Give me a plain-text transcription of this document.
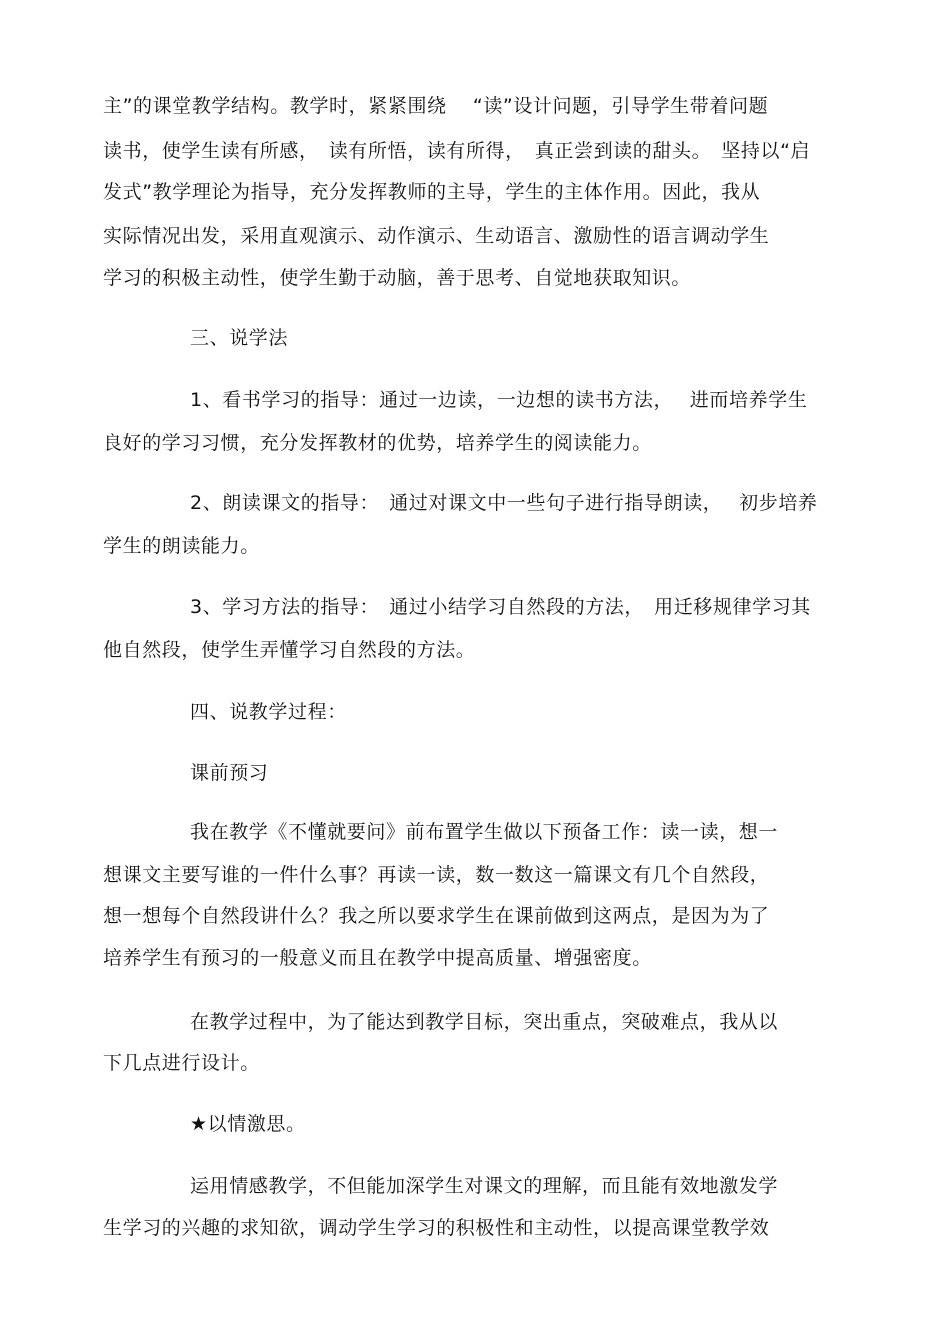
主”的课堂教学结构。教学时，紧紧围绕　 “读”设计问题，引导学生带着问题
读书，使学生读有所感，　读有所悟，读有所得，　真正尝到读的甜头。　坚持以“启
发式”教学理论为指导，充分发挥教师的主导，学生的主体作用。因此，我从
实际情况出发，采用直观演示、动作演示、生动语言、激励性的语言调动学生
学习的积极主动性，使学生勤于动脑，善于思考、自觉地获取知识。
三、说学法
1、看书学习的指导：通过一边读，一边想的读书方法，　 进而培养学生
良好的学习习惯，充分发挥教材的优势，培养学生的阅读能力。
2、朗读课文的指导：　通过对课文中一些句子进行指导朗读，　 初步培养
学生的朗读能力。
3、学习方法的指导：　通过小结学习自然段的方法，　用迁移规律学习其
他自然段，使学生弄懂学习自然段的方法。
四、说教学过程：
课前预习
我在教学《不懂就要问》前布置学生做以下预备工作：读一读，想一
想课文主要写谁的一件什么事？再读一读，数一数这一篇课文有几个自然段，
想一想每个自然段讲什么？我之所以要求学生在课前做到这两点，是因为为了
培养学生有预习的一般意义而且在教学中提高质量、增强密度。
在教学过程中，为了能达到教学目标，突出重点，突破难点，我从以
下几点进行设计。
★以情激思。
运用情感教学，不但能加深学生对课文的理解，而且能有效地激发学
生学习的兴趣的求知欲，调动学生学习的积极性和主动性，以提高课堂教学效
